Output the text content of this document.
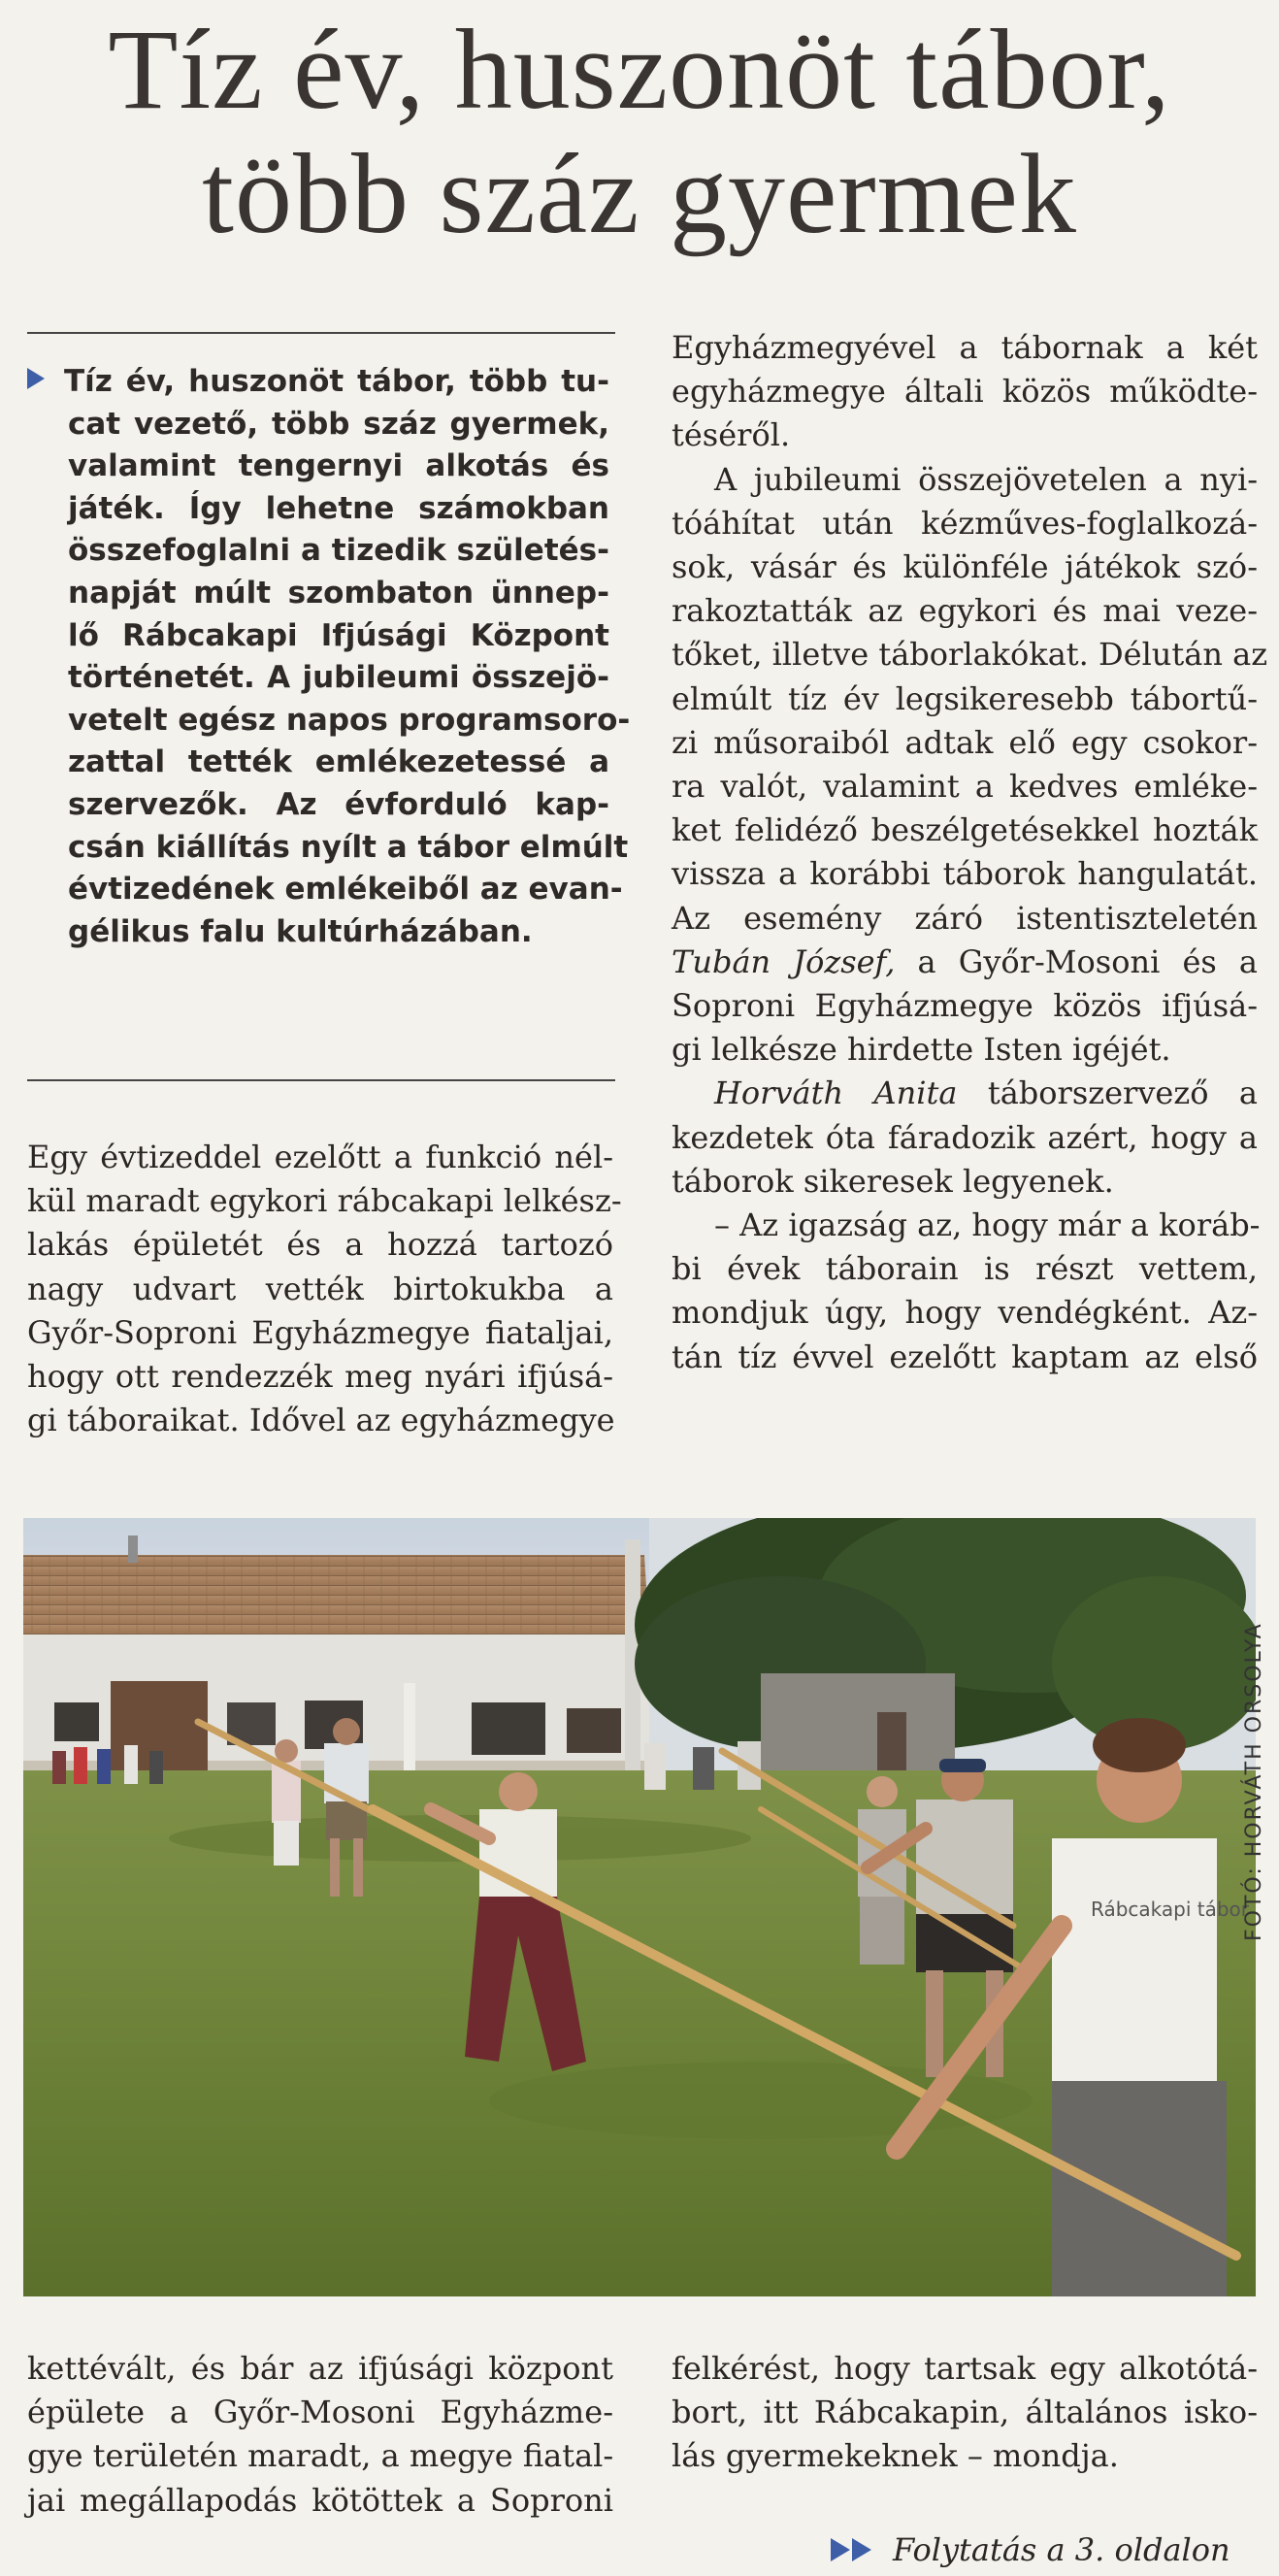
Tíz év, huszonöt tábor,
több száz gyermek
Tíz év, huszonöt tábor, több tu-
cat vezető, több száz gyermek,
valamint tengernyi alkotás és
játék. Így lehetne számokban
összefoglalni a tizedik születés-
napját múlt szombaton ünnep-
lő Rábcakapi Ifjúsági Központ
történetét. A jubileumi összejö-
vetelt egész napos programsoro-
zattal tették emlékezetessé a
szervezők. Az évforduló kap-
csán kiállítás nyílt a tábor elmúlt
évtizedének emlékeiből az evan-
gélikus falu kultúrházában.
Egy évtizeddel ezelőtt a funkció nél-
kül maradt egykori rábcakapi lelkész-
lakás épületét és a hozzá tartozó
nagy udvart vették birtokukba a
Győr-Soproni Egyházmegye fiataljai,
hogy ott rendezzék meg nyári ifjúsá-
gi táboraikat. Idővel az egyházmegye
Egyházmegyével a tábornak a két
egyházmegye általi közös működte-
téséről.
A jubileumi összejövetelen a nyi-
tóáhítat után kézműves-foglalkozá-
sok, vásár és különféle játékok szó-
rakoztatták az egykori és mai veze-
tőket, illetve táborlakókat. Délután az
elmúlt tíz év legsikeresebb tábortű-
zi műsoraiból adtak elő egy csokor-
ra valót, valamint a kedves emléke-
ket felidéző beszélgetésekkel hozták
vissza a korábbi táborok hangulatát.
Az esemény záró istentiszteletén
Tubán József, a Győr-Mosoni és a
Soproni Egyházmegye közös ifjúsá-
gi lelkésze hirdette Isten igéjét.
Horváth Anita táborszervező a
kezdetek óta fáradozik azért, hogy a
táborok sikeresek legyenek.
– Az igazság az, hogy már a koráb-
bi évek táborain is részt vettem,
mondjuk úgy, hogy vendégként. Az-
tán tíz évvel ezelőtt kaptam az első
Rábcakapi tábor
FOTÓ: HORVÁTH ORSOLYA
kettévált, és bár az ifjúsági központ
épülete a Győr-Mosoni Egyházme-
gye területén maradt, a megye fiatal-
jai megállapodás kötöttek a Soproni
felkérést, hogy tartsak egy alkotótá-
bort, itt Rábcakapin, általános isko-
lás gyermekeknek – mondja.
Folytatás a 3. oldalon
